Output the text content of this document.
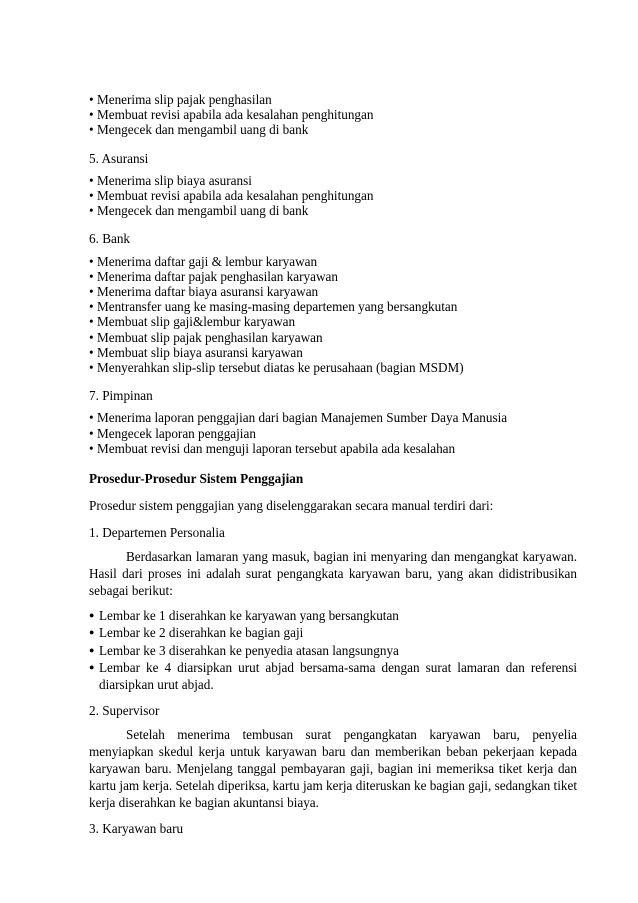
• Menerima slip pajak penghasilan
• Membuat revisi apabila ada kesalahan penghitungan
• Mengecek dan mengambil uang di bank
5. Asuransi
• Menerima slip biaya asuransi
• Membuat revisi apabila ada kesalahan penghitungan
• Mengecek dan mengambil uang di bank
6. Bank
• Menerima daftar gaji & lembur karyawan
• Menerima daftar pajak penghasilan karyawan
• Menerima daftar biaya asuransi karyawan
• Mentransfer uang ke masing-masing departemen yang bersangkutan
• Membuat slip gaji&lembur karyawan
• Membuat slip pajak penghasilan karyawan
• Membuat slip biaya asuransi karyawan
• Menyerahkan slip-slip tersebut diatas ke perusahaan (bagian MSDM)
7. Pimpinan
• Menerima laporan penggajian dari bagian Manajemen Sumber Daya Manusia
• Mengecek laporan penggajian
• Membuat revisi dan menguji laporan tersebut apabila ada kesalahan
Prosedur-Prosedur Sistem Penggajian
Prosedur sistem penggajian yang diselenggarakan secara manual terdiri dari:
1. Departemen Personalia
Berdasarkan lamaran yang masuk, bagian ini menyaring dan mengangkat karyawan. Hasil dari proses ini adalah surat pengangkata karyawan baru, yang akan didistribusikan sebagai berikut:
● Lembar ke 1 diserahkan ke karyawan yang bersangkutan
● Lembar ke 2 diserahkan ke bagian gaji
● Lembar ke 3 diserahkan ke penyedia atasan langsungnya
● Lembar ke 4 diarsipkan urut abjad bersama-sama dengan surat lamaran dan referensi diarsipkan urut abjad.
2. Supervisor
Setelah menerima tembusan surat pengangkatan karyawan baru, penyelia menyiapkan skedul kerja untuk karyawan baru dan memberikan beban pekerjaan kepada karyawan baru. Menjelang tanggal pembayaran gaji, bagian ini memeriksa tiket kerja dan kartu jam kerja. Setelah diperiksa, kartu jam kerja diteruskan ke bagian gaji, sedangkan tiket kerja diserahkan ke bagian akuntansi biaya.
3. Karyawan baru
